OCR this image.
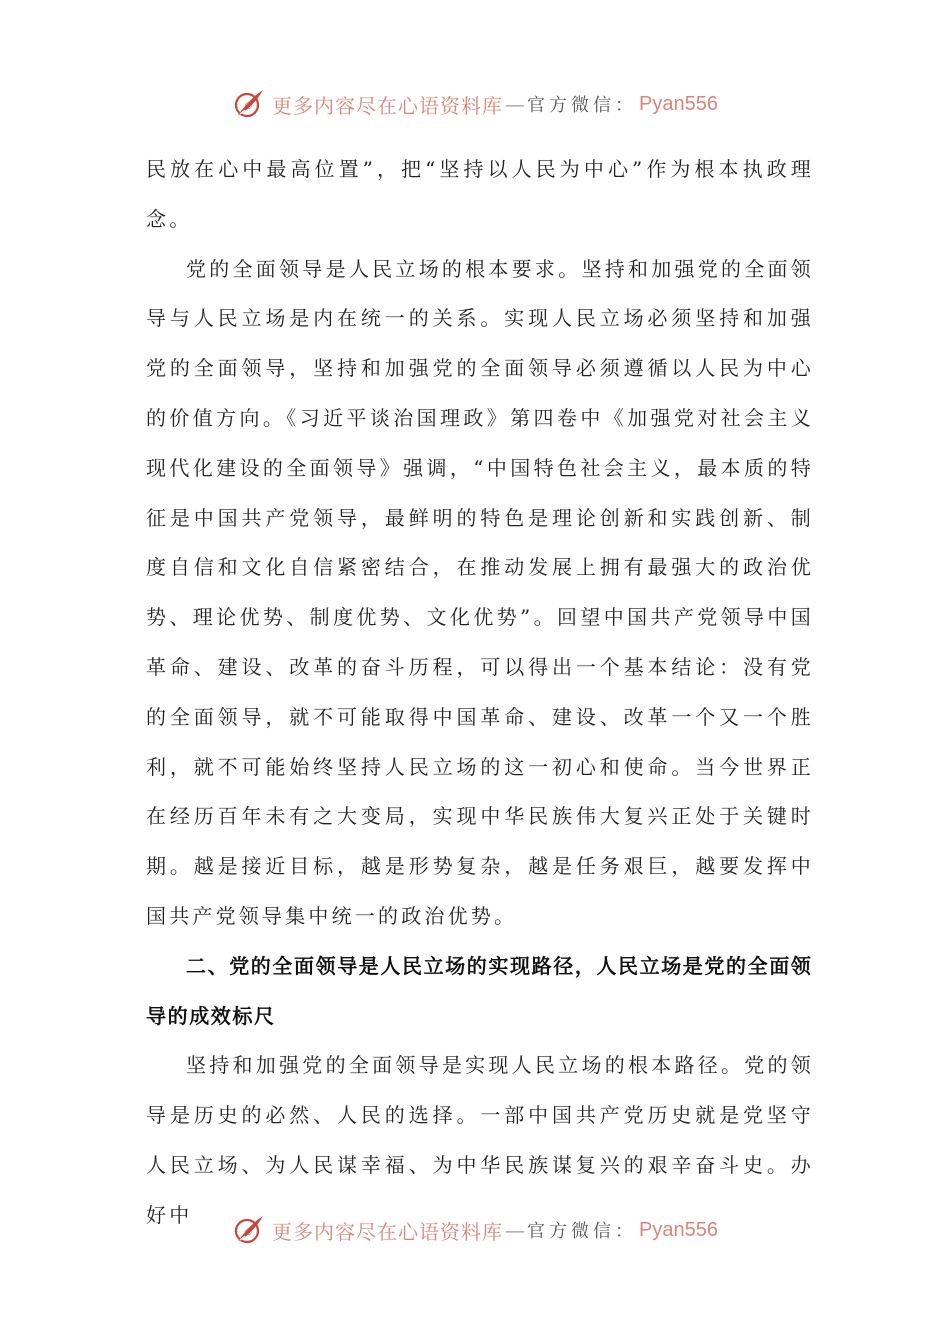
℗ 更多内容尽在心语资料库 — 官方微信： Pyan556

民放在心中最高位置”，把“坚持以人民为中心”作为根本执政理念。

党的全面领导是人民立场的根本要求。坚持和加强党的全面领导与人民立场是内在统一的关系。实现人民立场必须坚持和加强党的全面领导，坚持和加强党的全面领导必须遵循以人民为中心的价值方向。《习近平谈治国理政》第四卷中《加强党对社会主义现代化建设的全面领导》强调，“中国特色社会主义，最本质的特征是中国共产党领导，最鲜明的特色是理论创新和实践创新、制度自信和文化自信紧密结合，在推动发展上拥有最强大的政治优势、理论优势、制度优势、文化优势”。回望中国共产党领导中国革命、建设、改革的奋斗历程，可以得出一个基本结论：没有党的全面领导，就不可能取得中国革命、建设、改革一个又一个胜利，就不可能始终坚持人民立场的这一初心和使命。当今世界正在经历百年未有之大变局，实现中华民族伟大复兴正处于关键时期。越是接近目标，越是形势复杂，越是任务艰巨，越要发挥中国共产党领导集中统一的政治优势。

二、党的全面领导是人民立场的实现路径，人民立场是党的全面领导的成效标尺

坚持和加强党的全面领导是实现人民立场的根本路径。党的领导是历史的必然、人民的选择。一部中国共产党历史就是党坚守人民立场、为人民谋幸福、为中华民族谋复兴的艰辛奋斗史。办好中

℗ 更多内容尽在心语资料库 — 官方微信： Pyan556
